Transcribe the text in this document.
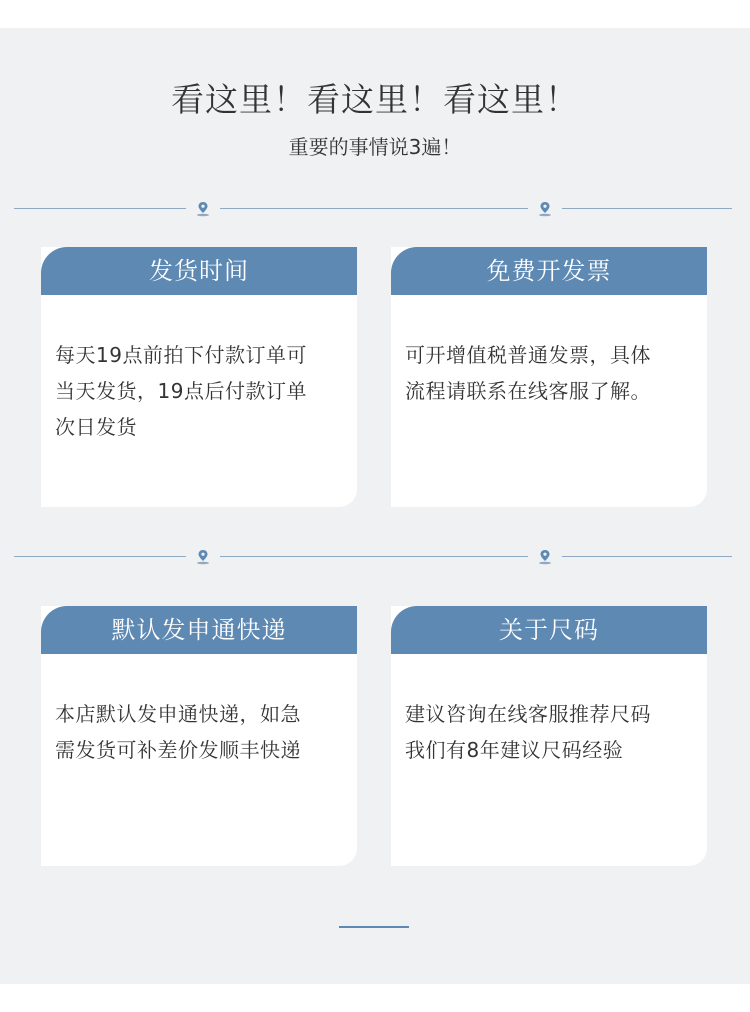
看这里！看这里！看这里！
重要的事情说3遍！
发货时间
每天19点前拍下付款订单可
当天发货，19点后付款订单
次日发货
免费开发票
可开增值税普通发票，具体
流程请联系在线客服了解。
默认发申通快递
本店默认发申通快递，如急
需发货可补差价发顺丰快递
关于尺码
建议咨询在线客服推荐尺码
我们有8年建议尺码经验
